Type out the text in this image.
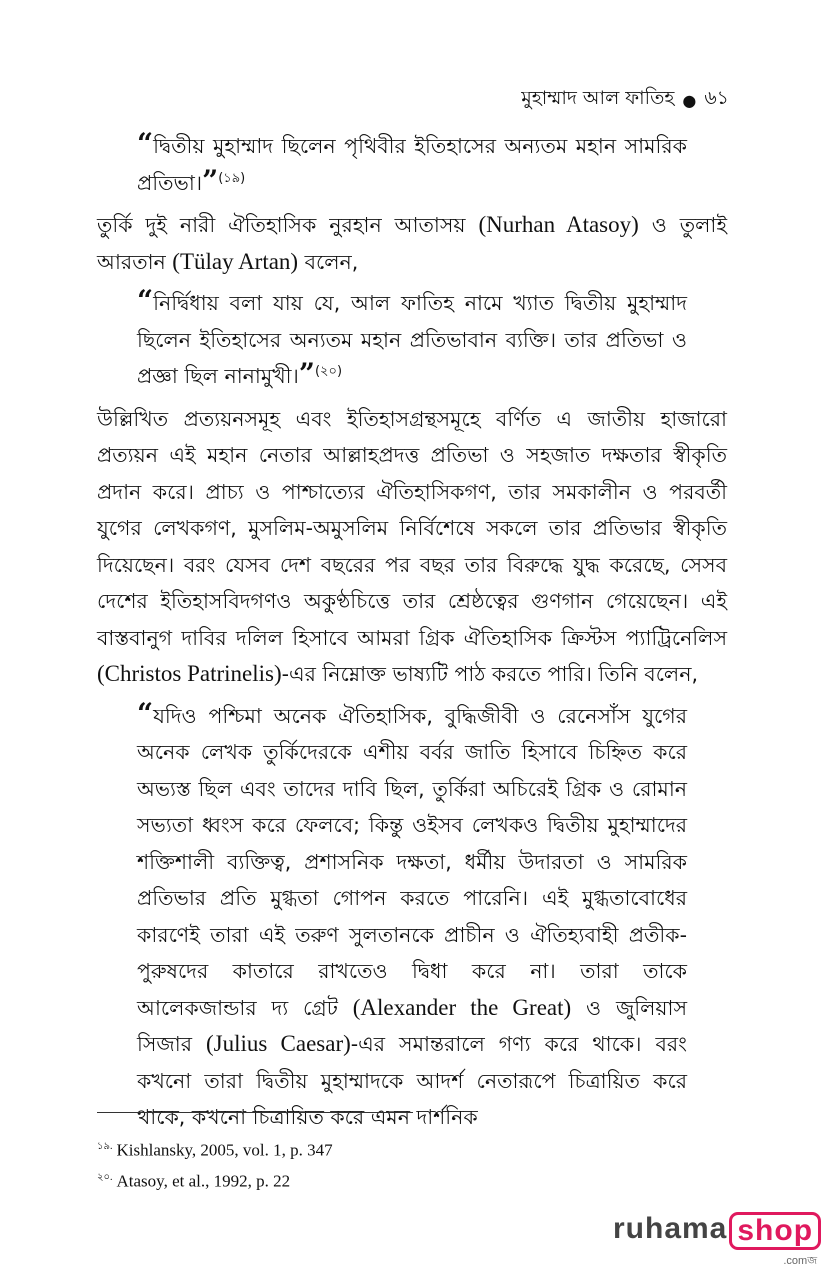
মুহাম্মাদ আল ফাতিহ ● ৬১

“দ্বিতীয় মুহাম্মাদ ছিলেন পৃথিবীর ইতিহাসের অন্যতম মহান সামরিক প্রতিভা।”$^{(১৯)}$

তুর্কি দুই নারী ঐতিহাসিক নুরহান আতাসয় (Nurhan Atasoy) ও তুলাই আরতান (Tülay Artan) বলেন,

“নির্দ্বিধায় বলা যায় যে, আল ফাতিহ নামে খ্যাত দ্বিতীয় মুহাম্মাদ ছিলেন ইতিহাসের অন্যতম মহান প্রতিভাবান ব্যক্তি। তার প্রতিভা ও প্রজ্ঞা ছিল নানামুখী।”$^{(২০)}$

উল্লিখিত প্রত্যয়নসমূহ এবং ইতিহাসগ্রন্থসমূহে বর্ণিত এ জাতীয় হাজারো প্রত্যয়ন এই মহান নেতার আল্লাহপ্রদত্ত প্রতিভা ও সহজাত দক্ষতার স্বীকৃতি প্রদান করে। প্রাচ্য ও পাশ্চাত্যের ঐতিহাসিকগণ, তার সমকালীন ও পরবর্তী যুগের লেখকগণ, মুসলিম-অমুসলিম নির্বিশেষে সকলে তার প্রতিভার স্বীকৃতি দিয়েছেন। বরং যেসব দেশ বছরের পর বছর তার বিরুদ্ধে যুদ্ধ করেছে, সেসব দেশের ইতিহাসবিদগণও অকুণ্ঠচিত্তে তার শ্রেষ্ঠত্বের গুণগান গেয়েছেন। এই বাস্তবানুগ দাবির দলিল হিসাবে আমরা গ্রিক ঐতিহাসিক ক্রিস্টস প্যাট্রিনেলিস (Christos Patrinelis)-এর নিম্নোক্ত ভাষ্যটি পাঠ করতে পারি। তিনি বলেন,

“যদিও পশ্চিমা অনেক ঐতিহাসিক, বুদ্ধিজীবী ও রেনেসাঁস যুগের অনেক লেখক তুর্কিদেরকে এশীয় বর্বর জাতি হিসাবে চিহ্নিত করে অভ্যস্ত ছিল এবং তাদের দাবি ছিল, তুর্কিরা অচিরেই গ্রিক ও রোমান সভ্যতা ধ্বংস করে ফেলবে; কিন্তু ওইসব লেখকও দ্বিতীয় মুহাম্মাদের শক্তিশালী ব্যক্তিত্ব, প্রশাসনিক দক্ষতা, ধর্মীয় উদারতা ও সামরিক প্রতিভার প্রতি মুগ্ধতা গোপন করতে পারেনি। এই মুগ্ধতাবোধের কারণেই তারা এই তরুণ সুলতানকে প্রাচীন ও ঐতিহ্যবাহী প্রতীক-পুরুষদের কাতারে রাখতেও দ্বিধা করে না। তারা তাকে আলেকজান্ডার দ্য গ্রেট (Alexander the Great) ও জুলিয়াস সিজার (Julius Caesar)-এর সমান্তরালে গণ্য করে থাকে। বরং কখনো তারা দ্বিতীয় মুহাম্মাদকে আদর্শ নেতারূপে চিত্রায়িত করে থাকে, কখনো চিত্রায়িত করে এমন দার্শনিক

$^{১৯.}$ Kishlansky, 2005, vol. 1, p. 347
$^{২০.}$ Atasoy, et al., 1992, p. 22
ruhama shop
.comজ
